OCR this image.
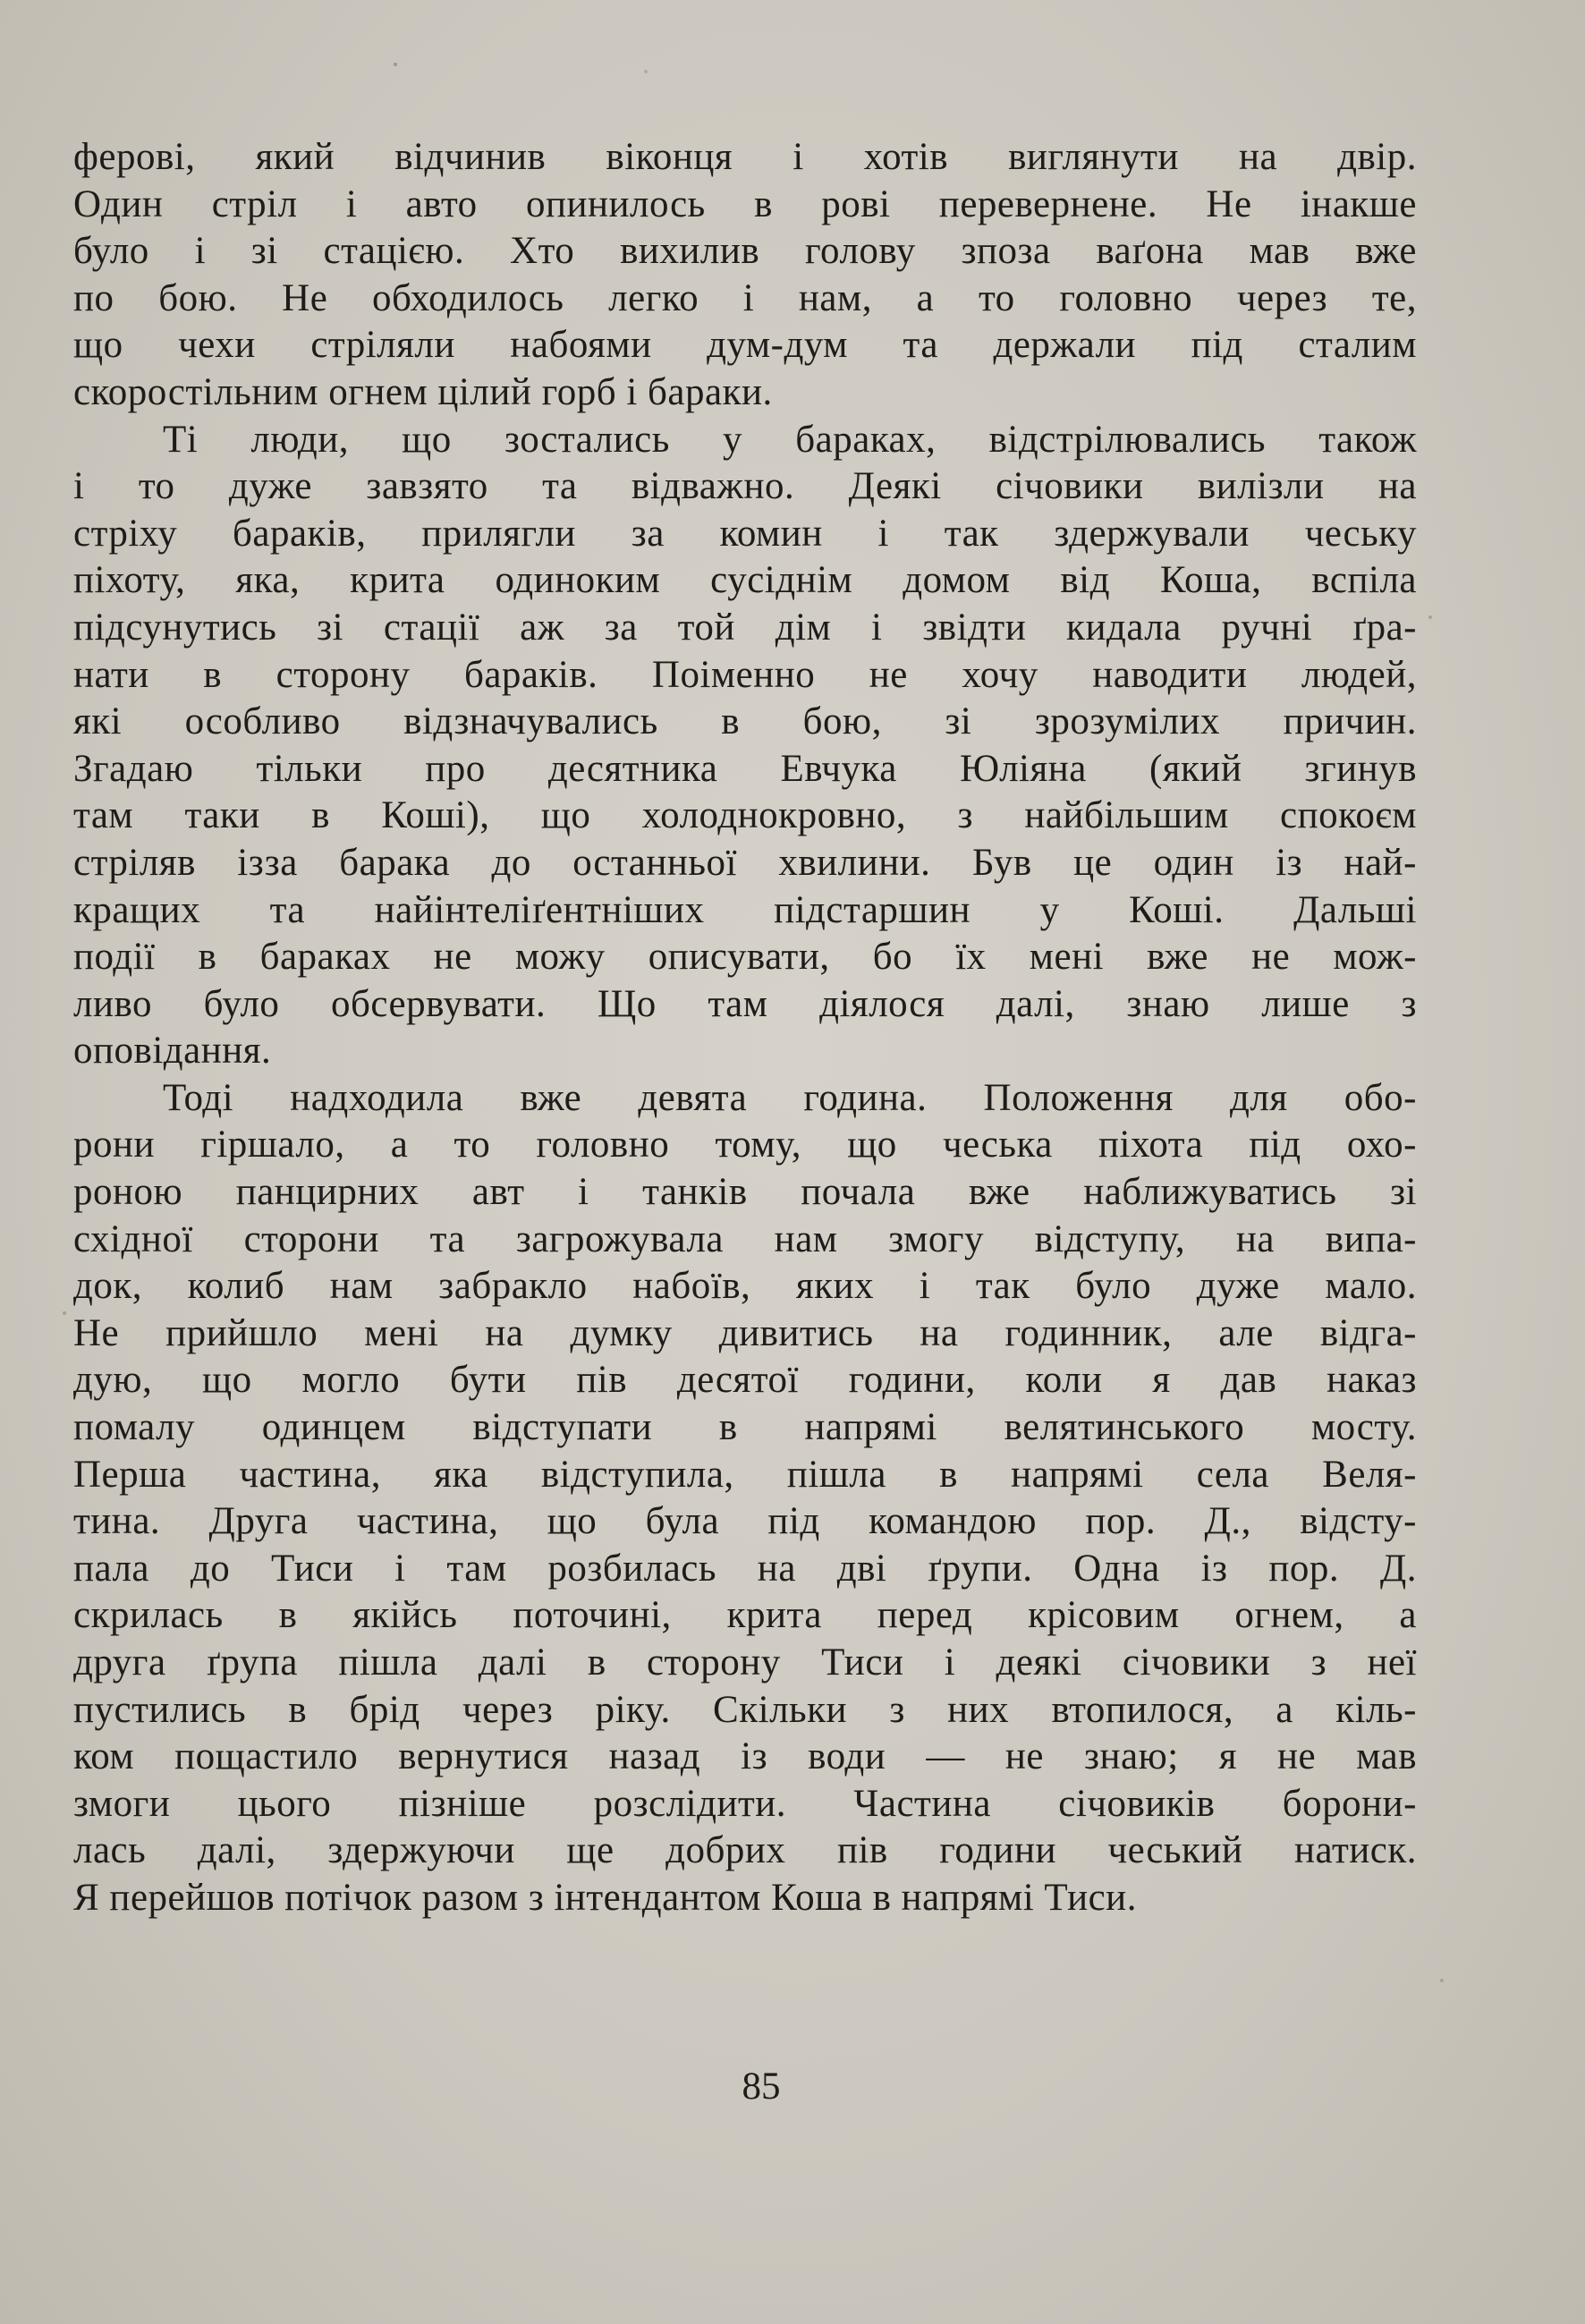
ферові, який відчинив віконця і хотів виглянути на двір.
Один стріл і авто опинилось в рові перевернене. Не інакше
було і зі стацією. Хто вихилив голову зпоза ваґона мав вже
по бою. Не обходилось легко і нам, а то головно через те,
що чехи стріляли набоями дум-дум та держали під сталим
скоростільним огнем цілий горб і бараки.
Ті люди, що зостались у бараках, відстрілювались також
і то дуже завзято та відважно. Деякі січовики вилізли на
стріху бараків, прилягли за комин і так здержували чеську
піхоту, яка, крита одиноким сусіднім домом від Коша, вспіла
підсунутись зі стації аж за той дім і звідти кидала ручні ґра-
нати в сторону бараків. Поіменно не хочу наводити людей,
які особливо відзначувались в бою, зі зрозумілих причин.
Згадаю тільки про десятника Евчука Юліяна (який згинув
там таки в Коші), що холоднокровно, з найбільшим спокоєм
стріляв ізза барака до останньої хвилини. Був це один із най-
кращих та найінтеліґентніших підстаршин у Коші. Дальші
події в бараках не можу описувати, бо їх мені вже не мож-
ливо було обсервувати. Що там діялося далі, знаю лише з
оповідання.
Тоді надходила вже девята година. Положення для обо-
рони гіршало, а то головно тому, що чеська піхота під охо-
роною панцирних авт і танків почала вже наближуватись зі
східної сторони та загрожувала нам змогу відступу, на випа-
док, колиб нам забракло набоїв, яких і так було дуже мало.
Не прийшло мені на думку дивитись на годинник, але відга-
дую, що могло бути пів десятої години, коли я дав наказ
помалу одинцем відступати в напрямі велятинського мосту.
Перша частина, яка відступила, пішла в напрямі села Веля-
тина. Друга частина, що була під командою пор. Д., відсту-
пала до Тиси і там розбилась на дві ґрупи. Одна із пор. Д.
скрилась в якійсь поточині, крита перед крісовим огнем, а
друга ґрупа пішла далі в сторону Тиси і деякі січовики з неї
пустились в брід через ріку. Скільки з них втопилося, а кіль-
ком пощастило вернутися назад із води — не знаю; я не мав
змоги цього пізніше розслідити. Частина січовиків борони-
лась далі, здержуючи ще добрих пів години чеський натиск.
Я перейшов потічок разом з інтендантом Коша в напрямі Тиси.
85
